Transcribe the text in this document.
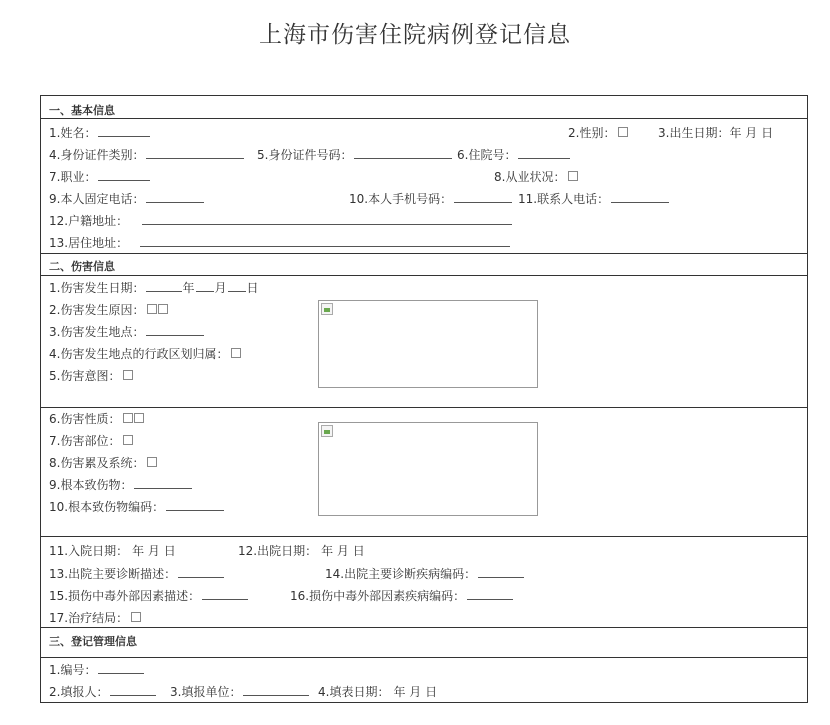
上海市伤害住院病例登记信息
一、基本信息
1.姓名：	2.性别：	3.出生日期：年 月 日
4.身份证件类别：	5.身份证件号码：	6.住院号：
7.职业：	8.从业状况：
9.本人固定电话：	10.本人手机号码：	11.联系人电话：
12.户籍地址：
13.居住地址：
二、伤害信息
1.伤害发生日期：	年 月 日
2.伤害发生原因：
3.伤害发生地点：
4.伤害发生地点的行政区划归属：
5.伤害意图：
6.伤害性质：
7.伤害部位：
8.伤害累及系统：
9.根本致伤物：
10.根本致伤物编码：
11.入院日期： 年 月 日	12.出院日期： 年 月 日
13.出院主要诊断描述：	14.出院主要诊断疾病编码：
15.损伤中毒外部因素描述：	16.损伤中毒外部因素疾病编码：
17.治疗结局：
三、登记管理信息
1.编号：
2.填报人：	3.填报单位：	4.填表日期： 年 月 日
